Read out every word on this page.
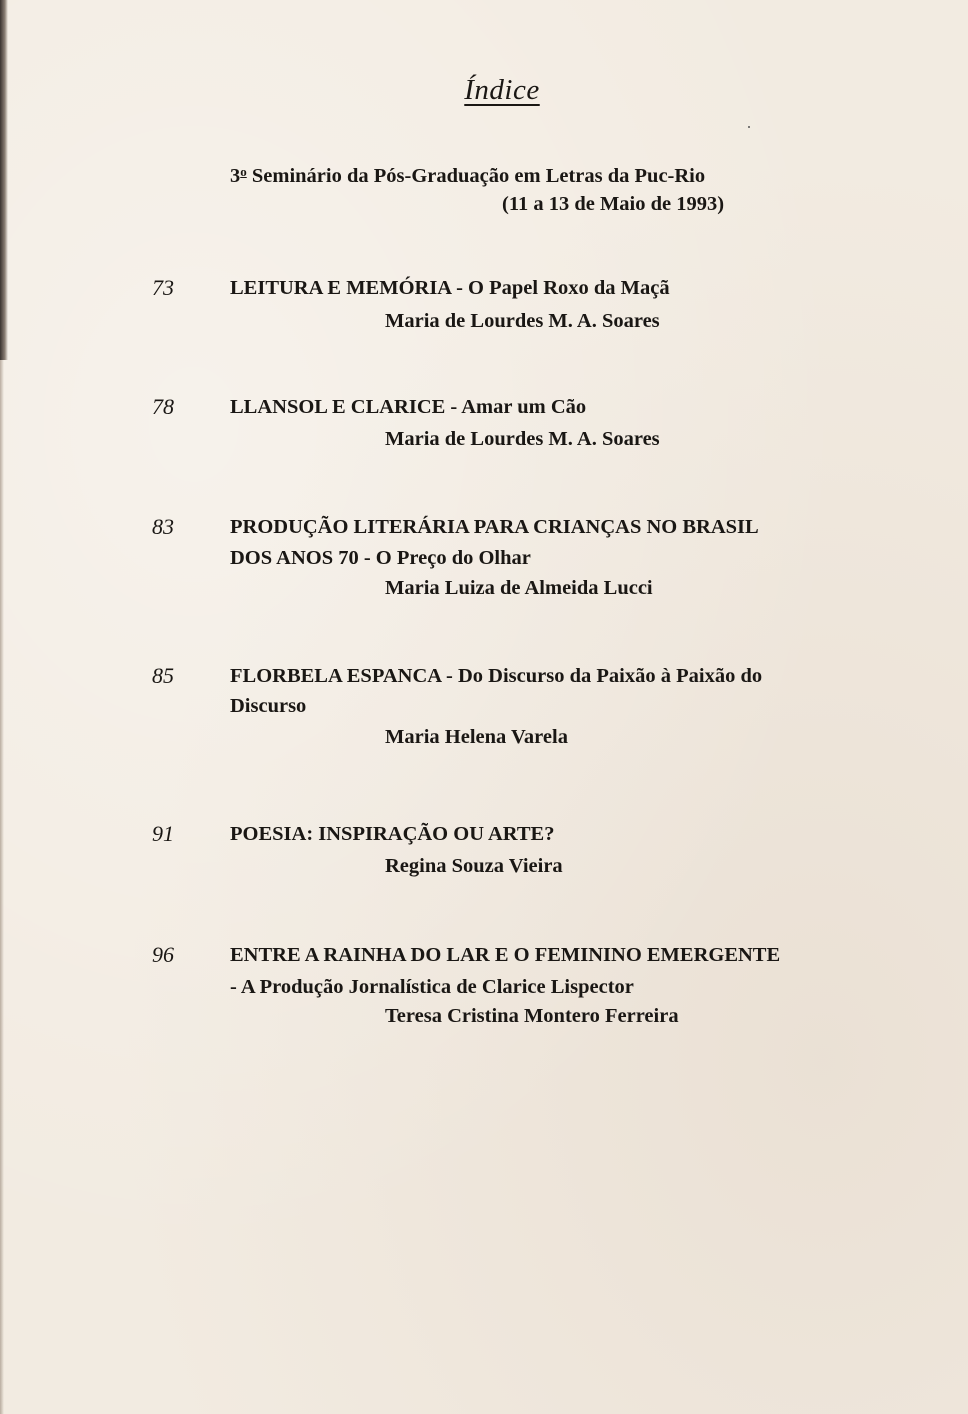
Índice
3$^o$ Seminário da Pós-Graduação em Letras da Puc-Rio
(11 a 13 de Maio de 1993)
73	LEITURA E MEMÓRIA - O Papel Roxo da Maçã
Maria de Lourdes M. A. Soares
78	LLANSOL E CLARICE - Amar um Cão
Maria de Lourdes M. A. Soares
83	PRODUÇÃO LITERÁRIA PARA CRIANÇAS NO BRASIL
DOS ANOS 70 - O Preço do Olhar
Maria Luiza de Almeida Lucci
85	FLORBELA ESPANCA - Do Discurso da Paixão à Paixão do
Discurso
Maria Helena Varela
91	POESIA: INSPIRAÇÃO OU ARTE?
Regina Souza Vieira
96	ENTRE A RAINHA DO LAR E O FEMININO EMERGENTE
- A Produção Jornalística de Clarice Lispector
Teresa Cristina Montero Ferreira
